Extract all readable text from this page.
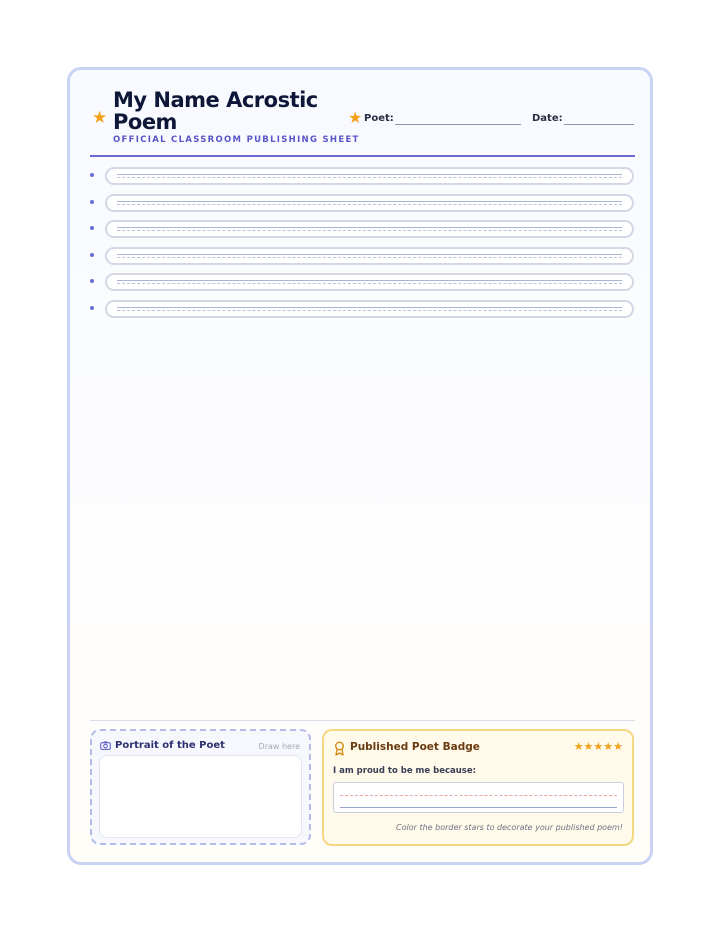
★
My Name Acrostic Poem
OFFICIAL CLASSROOM PUBLISHING SHEET
★ Poet:	Date:
Portrait of the Poet	Draw here	Published Poet Badge	★★★★★
I am proud to be me because:
Color the border stars to decorate your published poem!
